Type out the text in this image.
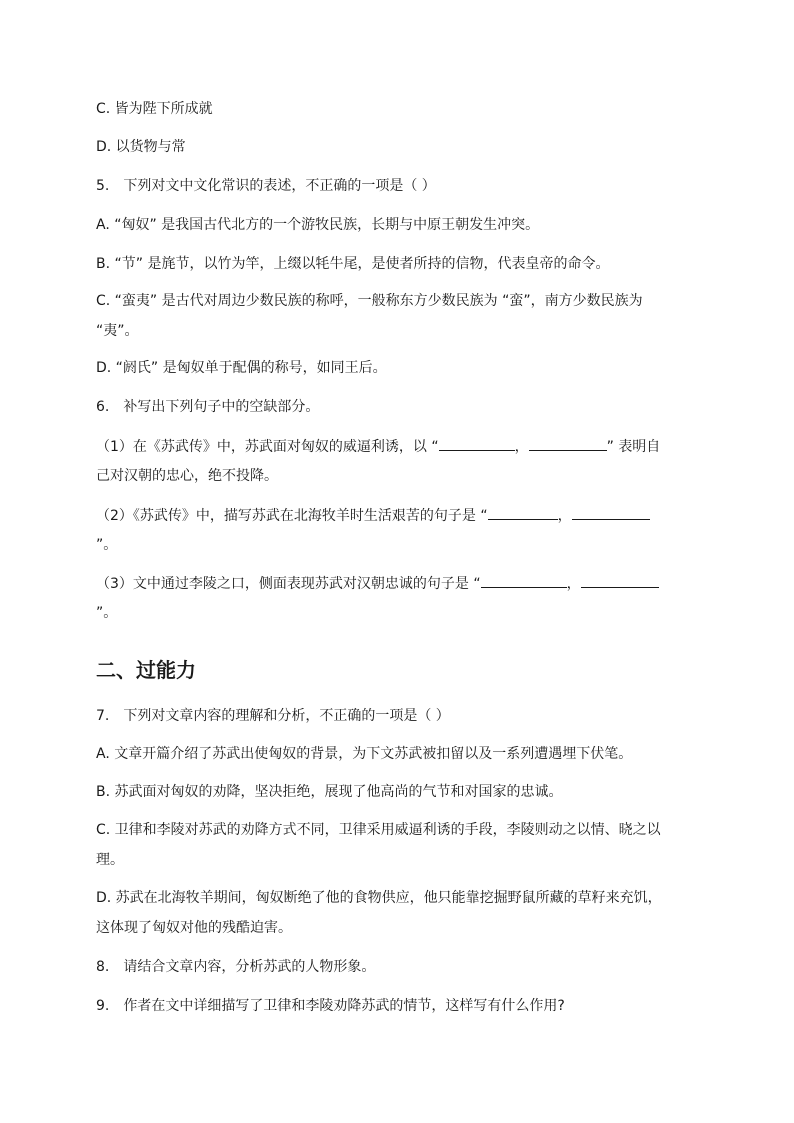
C. 皆为陛下所成就
D. 以货物与常
5.　下列对文中文化常识的表述，不正确的一项是（ ）
A. “匈奴” 是我国古代北方的一个游牧民族，长期与中原王朝发生冲突。
B. “节” 是旄节，以竹为竿，上缀以牦牛尾，是使者所持的信物，代表皇帝的命令。
C. “蛮夷” 是古代对周边少数民族的称呼，一般称东方少数民族为 “蛮”，南方少数民族为
“夷”。
D. “阏氏” 是匈奴单于配偶的称号，如同王后。
6.　补写出下列句子中的空缺部分。
（1）在《苏武传》中，苏武面对匈奴的威逼利诱，以 “	，	” 表明自
己对汉朝的忠心，绝不投降。
（2）《苏武传》中，描写苏武在北海牧羊时生活艰苦的句子是 “	，
”。
（3）文中通过李陵之口，侧面表现苏武对汉朝忠诚的句子是 “	，
”。
二、过能力
7.　下列对文章内容的理解和分析，不正确的一项是（ ）
A. 文章开篇介绍了苏武出使匈奴的背景，为下文苏武被扣留以及一系列遭遇埋下伏笔。
B. 苏武面对匈奴的劝降，坚决拒绝，展现了他高尚的气节和对国家的忠诚。
C. 卫律和李陵对苏武的劝降方式不同，卫律采用威逼利诱的手段，李陵则动之以情、晓之以
理。
D. 苏武在北海牧羊期间，匈奴断绝了他的食物供应，他只能靠挖掘野鼠所藏的草籽来充饥，
这体现了匈奴对他的残酷迫害。
8.　请结合文章内容，分析苏武的人物形象。
9.　作者在文中详细描写了卫律和李陵劝降苏武的情节，这样写有什么作用?
